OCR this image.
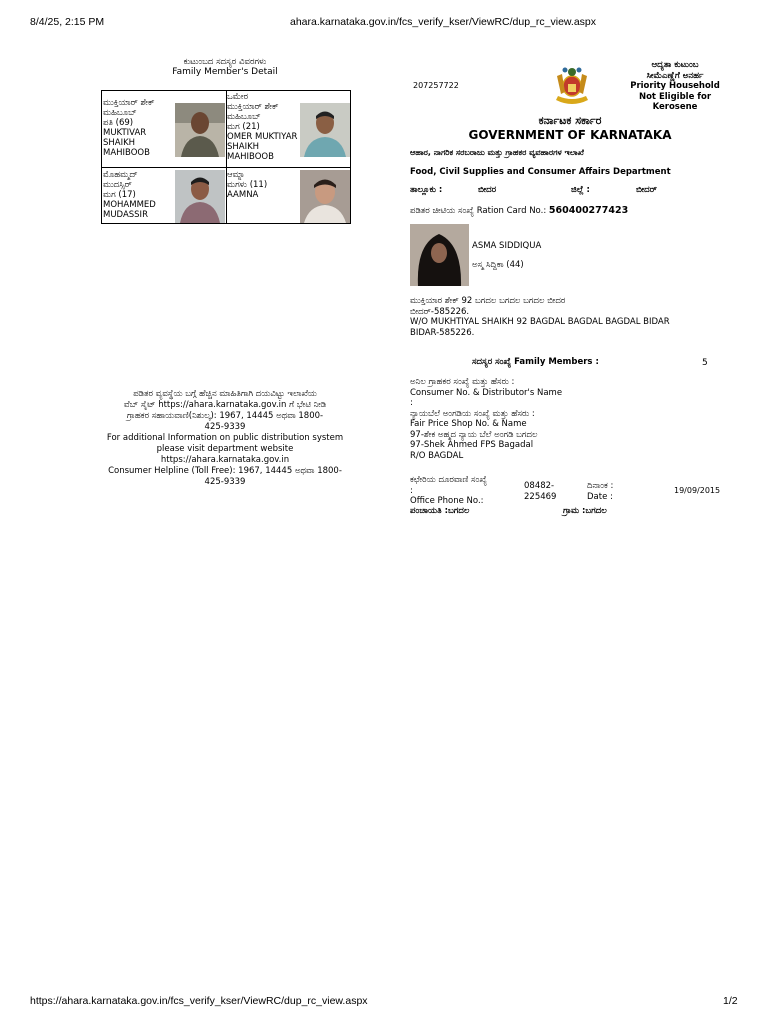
8/4/25, 2:15 PM	ahara.karnataka.gov.in/fcs_verify_kser/ViewRC/dup_rc_view.aspx
ಕುಟುಂಬದ ಸದಸ್ಯರ ವಿವರಗಳು
Family Member's Detail
ಮುಕ್ತಿಯಾರ್ ಶೇಕ್
ಮಹಿಬೂಬ್
ಪತಿ (69)
MUKTIVAR
SHAIKH
MAHIBOOB
ಒಮೇರ
ಮುಕ್ತಿಯಾರ್ ಶೇಕ್
ಮಹಿಬೂಬ್
ಮಗ (21)
OMER MUKTIYAR
SHAIKH
MAHIBOOB
ಮೊಹಮ್ಮದ್
ಮುದಸ್ಸಿರ್
ಮಗ (17)
MOHAMMED
MUDASSIR
ಆಮ್ನಾ
ಮಗಳು (11)
AAMNA
ಪಡಿತರ ವ್ಯವಸ್ಥೆಯ ಬಗ್ಗೆ ಹೆಚ್ಚಿನ ಮಾಹಿತಿಗಾಗಿ ದಯವಿಟ್ಟು ಇಲಾಖೆಯ
ವೆಬ್ ಸೈಟ್ https://ahara.karnataka.gov.in ಗೆ ಭೇಟಿ ನೀಡಿ
ಗ್ರಾಹಕರ ಸಹಾಯವಾಣಿ(ನಿಶುಲ್ಕ): 1967, 14445 ಅಥವಾ 1800-
425-9339
For additional Information on public distribution system
please visit department website
https://ahara.karnataka.gov.in
Consumer Helpline (Toll Free): 1967, 14445 ಅಥವಾ 1800-
425-9339
207257722
ಆದ್ಯತಾ ಕುಟುಂಬ
ಸೀಮೆಎಣ್ಣೆಗೆ ಅನರ್ಹ
Priority Household
Not Eligible for
Kerosene
ಕರ್ನಾಟಕ ಸರ್ಕಾರ
GOVERNMENT OF KARNATAKA
ಆಹಾರ, ನಾಗರಿಕ ಸರಬರಾಜು ಮತ್ತು ಗ್ರಾಹಕರ ವ್ಯವಹಾರಗಳ ಇಲಾಖೆ
Food, Civil Supplies and Consumer Affairs Department
ತಾಲ್ಲೂಕು :	ಬೀದರ	ಜಿಲ್ಲೆ :	ಬೀದರ್
ಪಡಿತರ ಚೀಟಿಯ ಸಂಖ್ಯೆ Ration Card No.: 560400277423
ASMA SIDDIQUA
ಅಸ್ಮ ಸಿದ್ದಿಕಾ (44)
ಮುಕ್ತಿಯಾರ ಶೇಕ್ 92 ಬಗದಲ ಬಗದಲ ಬಗದಲ ಬೀದರ
ಬೀದರ್-585226.
W/O MUKHTIYAL SHAIKH 92 BAGDAL BAGDAL BAGDAL BIDAR
BIDAR-585226.
ಸದಸ್ಯರ ಸಂಖ್ಯೆ Family Members :	5
ಅನಿಲ ಗ್ರಾಹಕರ ಸಂಖ್ಯೆ ಮತ್ತು ಹೆಸರು :
Consumer No. & Distributor's Name
:
ನ್ಯಾಯಬೆಲೆ ಅಂಗಡಿಯ ಸಂಖ್ಯೆ ಮತ್ತು ಹೆಸರು :
Fair Price Shop No. & Name
97-ಶೇಕ ಅಹ್ಮದ ನ್ಯಾಯ ಬೆಲೆ ಅಂಗಡಿ ಬಗದಲ
97-Shek Ahmed FPS Bagadal
R/O BAGDAL
ಕಛೇರಿಯ ದೂರವಾಣಿ ಸಂಖ್ಯೆ
:
Office Phone No.:
08482-
225469
ದಿನಾಂಕ :
Date :
19/09/2015
ಪಂಚಾಯತಿ :ಬಗದಲ	ಗ್ರಾಮ :ಬಗದಲ
https://ahara.karnataka.gov.in/fcs_verify_kser/ViewRC/dup_rc_view.aspx	1/2
